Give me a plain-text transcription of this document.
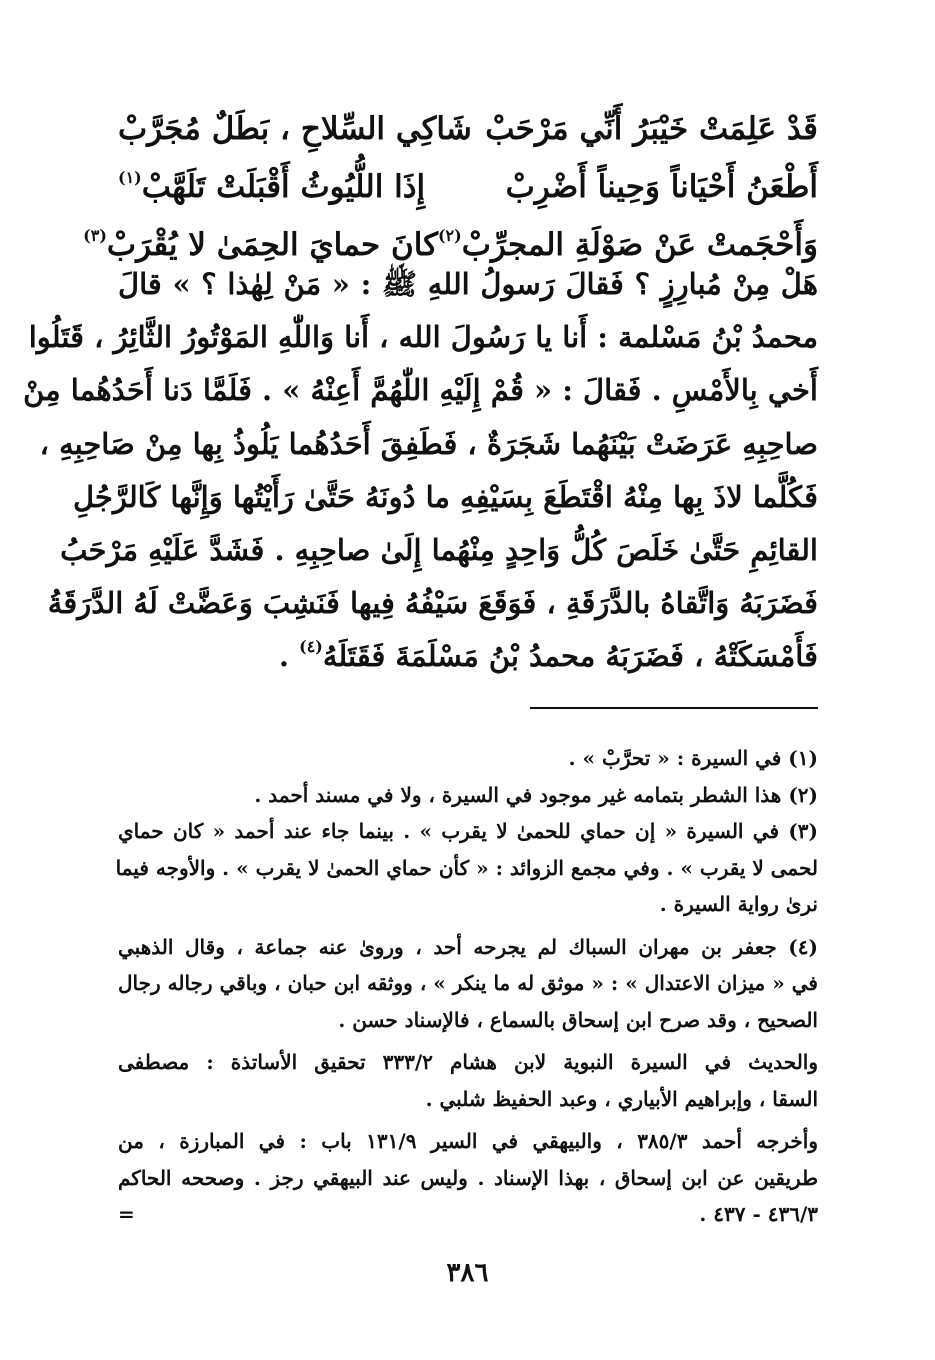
قَدْ عَلِمَتْ خَيْبَرُ أَنِّي مَرْحَبْ
شَاكِي السِّلاحِ ، بَطَلٌ مُجَرَّبْ
أَطْعَنُ أَحْيَاناً وَحِيناً أَضْرِبْ
إِذَا اللُّيُوثُ أَقْبَلَتْ تَلَهَّبْ$^{(١)}$
وَأَحْجَمتْ عَنْ صَوْلَةِ المجرِّبْ$^{(٢)}$
كانَ حمايَ الحِمَىٰ لا يُقْرَبْ$^{(٣)}$
هَلْ مِنْ مُبارِزٍ ؟ فَقالَ رَسولُ اللهِ ﷺ : « مَنْ لِهٰذا ؟ » قالَ
محمدُ بْنُ مَسْلمة : أَنا يا رَسُولَ الله ، أَنا وَاللّٰهِ المَوْتُورُ الثَّائِرُ ، قَتَلُوا
أَخي بِالأَمْسِ . فَقالَ : « قُمْ إِلَيْهِ اللّٰهُمَّ أَعِنْهُ » . فَلَمَّا دَنا أَحَدُهُما مِنْ
صاحِبِهِ عَرَضَتْ بَيْنَهُما شَجَرَةٌ ، فَطَفِقَ أَحَدُهُما يَلُوذُ بِها مِنْ صَاحِبِهِ ،
فَكُلَّما لاذَ بِها مِنْهُ اقْتَطَعَ بِسَيْفِهِ ما دُونَهُ حَتَّىٰ رَأَيْتُها وَإِنَّها كَالرَّجُلِ
القائِمِ حَتَّىٰ خَلَصَ كُلُّ وَاحِدٍ مِنْهُما إِلَىٰ صاحِبِهِ . فَشَدَّ عَلَيْهِ مَرْحَبُ
فَضَرَبَهُ وَاتَّقاهُ بالدَّرَقَةِ ، فَوَقَعَ سَيْفُهُ فِيها فَنَشِبَ وَعَضَّتْ لَهُ الدَّرَقَةُ
فَأَمْسَكَتْهُ ، فَضَرَبَهُ محمدُ بْنُ مَسْلَمَةَ فَقَتَلَهُ$^{(٤)}$ .
(١) في السيرة : « تحرَّبْ » .
(٢) هذا الشطر بتمامه غير موجود في السيرة ، ولا في مسند أحمد .
(٣) في السيرة « إن حماي للحمىٰ لا يقرب » . بينما جاء عند أحمد « كان حماي
لحمى لا يقرب » . وفي مجمع الزوائد : « كأن حماي الحمىٰ لا يقرب » . والأوجه فيما
نرىٰ رواية السيرة .
(٤) جعفر بن مهران السباك لم يجرحه أحد ، وروىٰ عنه جماعة ، وقال الذهبي
في « ميزان الاعتدال » : « موثق له ما ينكر » ، ووثقه ابن حبان ، وباقي رجاله رجال
الصحيح ، وقد صرح ابن إسحاق بالسماع ، فالإسناد حسن .
والحديث في السيرة النبوية لابن هشام ٣٣٣/٢ تحقيق الأساتذة : مصطفى
السقا ، وإبراهيم الأبياري ، وعبد الحفيظ شلبي .
وأخرجه أحمد ٣٨٥/٣ ، والبيهقي في السير ١٣١/٩ باب : في المبارزة ، من
طريقين عن ابن إسحاق ، بهذا الإسناد . وليس عند البيهقي رجز . وصححه الحاكم
٤٣٦/٣ - ٤٣٧ .
=
٣٨٦
